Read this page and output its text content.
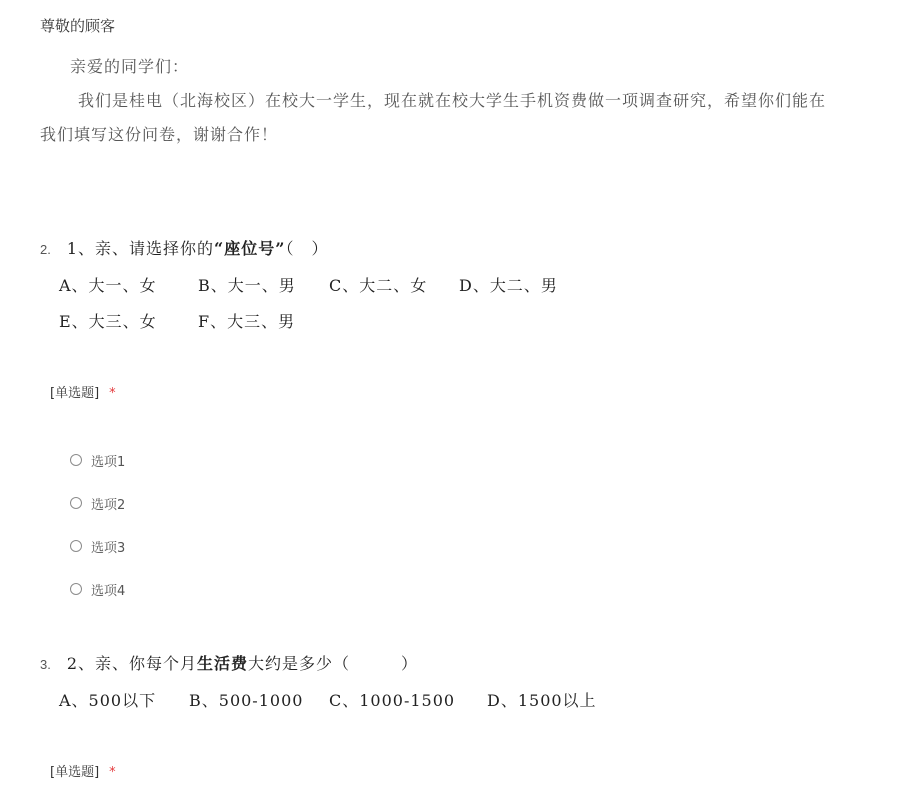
尊敬的顾客
亲爱的同学们：
我们是桂电（北海校区）在校大一学生，现在就在校大学生手机资费做一项调查研究，希望你们能在
我们填写这份问卷，谢谢合作！
2. 1、亲、请选择你的“座位号”（　）
A、大一、女	B、大一、男 C、大二、女 D、大二、男
E、大三、女	F、大三、男
[单选题] *
选项1
选项2
选项3
选项4
3. 2、亲、你每个月生活费大约是多少（　　　）
A、500以下 B、500-1000 C、1000-1500 D、1500以上
[单选题] *
